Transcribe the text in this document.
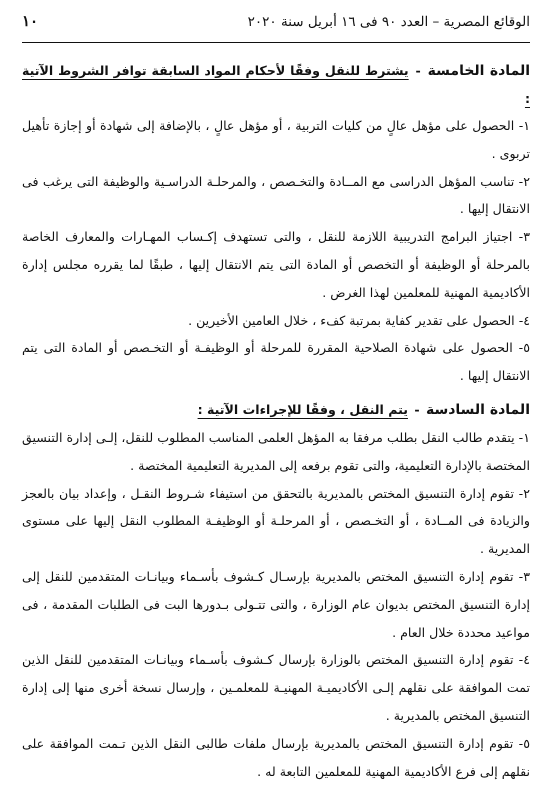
الوقائع المصرية – العدد ٩٠ فى ١٦ أبريل سنة ٢٠٢٠
١٠
المادة الخامسة - يشترط للنقل وفقًا لأحكام المواد السابقة توافر الشروط الآتية :
١- الحصول على مؤهل عالٍ من كليات التربية ، أو مؤهل عالٍ ، بالإضافة إلى شهادة أو إجازة تأهيل تربوى .
٢- تناسب المؤهل الدراسى مع المــادة والتخـصص ، والمرحلـة الدراسـية والوظيفة التى يرغب فى الانتقال إليها .
٣- اجتياز البرامج التدريبية اللازمة للنقل ، والتى تستهدف إكـساب المهـارات والمعارف الخاصة بالمرحلة أو الوظيفة أو التخصص أو المادة التى يتم الانتقال إليها ، طبقًا لما يقرره مجلس إدارة الأكاديمية المهنية للمعلمين لهذا الغرض .
٤- الحصول على تقدير كفاية بمرتبة كفء ، خلال العامين الأخيرين .
٥- الحصول على شهادة الصلاحية المقررة للمرحلة أو الوظيفـة أو التخـصص أو المادة التى يتم الانتقال إليها .
المادة السادسة - يتم النقل ، وفقًا للإجراءات الآتية :
١- يتقدم طالب النقل بطلب مرفقا به المؤهل العلمى المناسب المطلوب للنقل، إلـى إدارة التنسيق المختصة بالإدارة التعليمية، والتى تقوم برفعه إلى المديرية التعليمية المختصة .
٢- تقوم إدارة التنسيق المختص بالمديرية بالتحقق من استيفاء شـروط النقـل ، وإعداد بيان بالعجز والزيادة فى المــادة ، أو التخـصص ، أو المرحلـة أو الوظيفـة المطلوب النقل إليها على مستوى المديرية .
٣- تقوم إدارة التنسيق المختص بالمديرية بإرسـال كـشوف بأسـماء وبيانـات المتقدمين للنقل إلى إدارة التنسيق المختص بديوان عام الوزارة ، والتى تتـولى بـدورها البت فى الطلبات المقدمة ، فى مواعيد محددة خلال العام .
٤- تقوم إدارة التنسيق المختص بالوزارة بإرسال كـشوف بأسـماء وبيانـات المتقدمين للنقل الذين تمت الموافقة على نقلهم إلـى الأكاديميـة المهنيـة للمعلمـين ، وإرسال نسخة أخرى منها إلى إدارة التنسيق المختص بالمديرية .
٥- تقوم إدارة التنسيق المختص بالمديرية بإرسال ملفات طالبى النقل الذين تـمت الموافقة على نقلهم إلى فرع الأكاديمية المهنية للمعلمين التابعة له .
